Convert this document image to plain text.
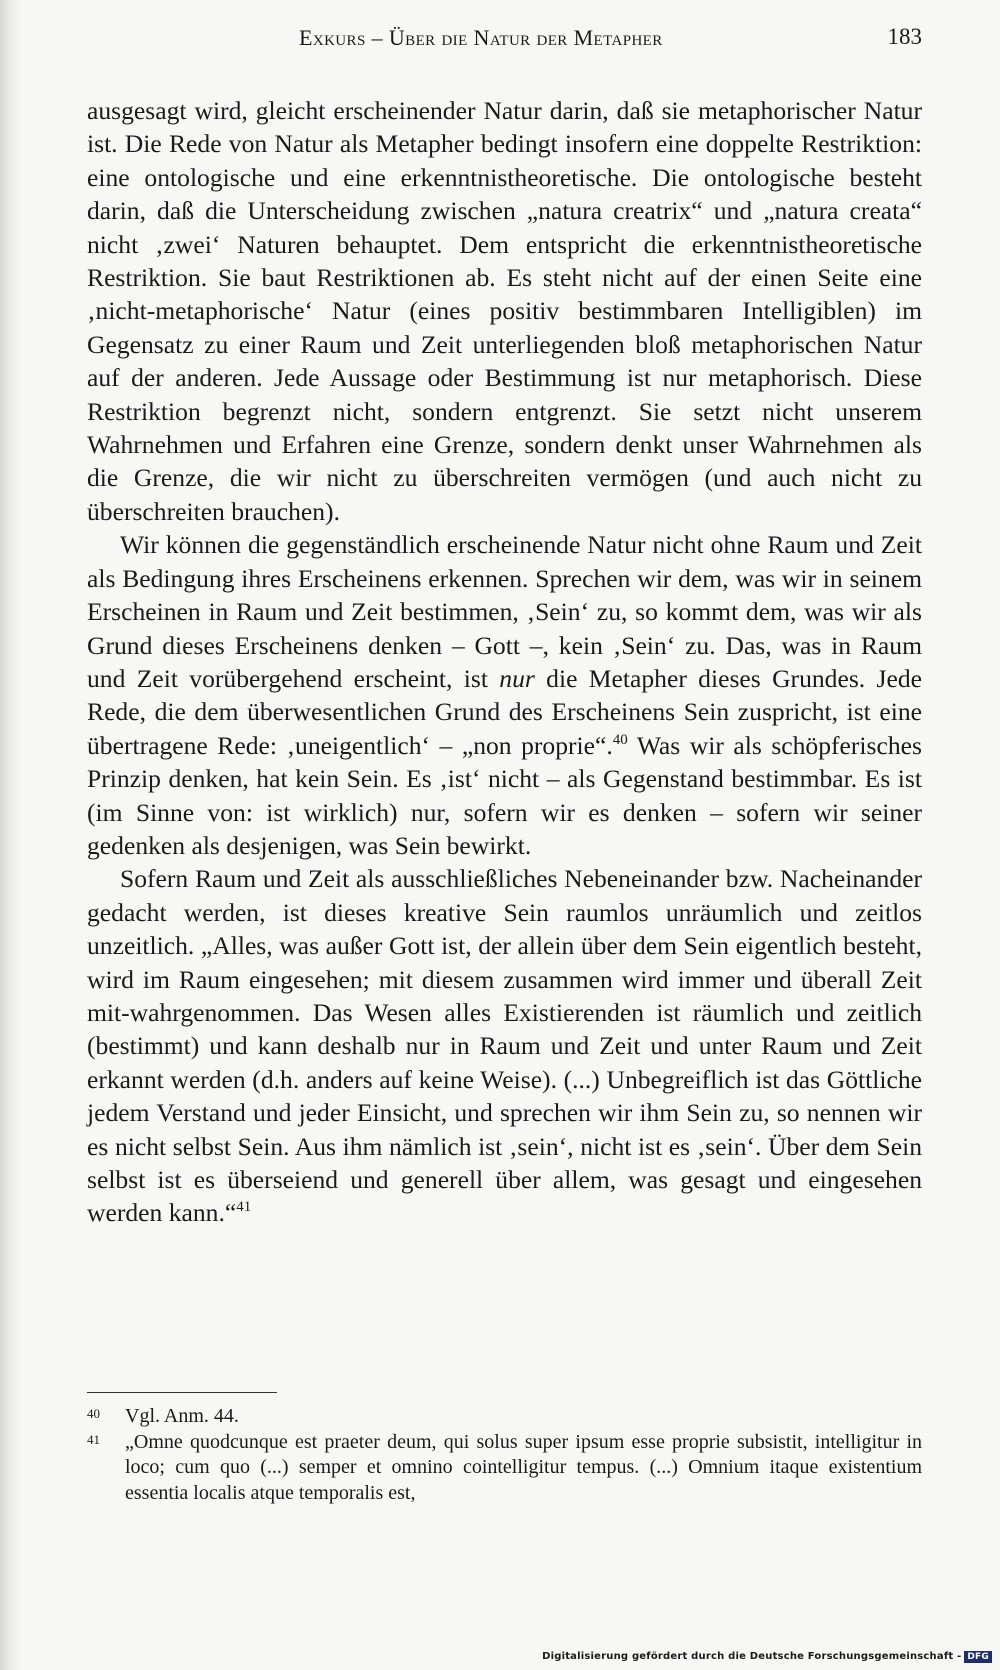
Exkurs – Über die Natur der Metapher	183

ausgesagt wird, gleicht erscheinender Natur darin, daß sie metaphorischer Natur ist. Die Rede von Natur als Metapher bedingt insofern eine doppelte Restriktion: eine ontologische und eine erkenntnistheoretische. Die ontologische besteht darin, daß die Unterscheidung zwischen „natura creatrix“ und „natura creata“ nicht ‚zwei‘ Naturen behauptet. Dem entspricht die erkenntnistheoretische Restriktion. Sie baut Restriktionen ab. Es steht nicht auf der einen Seite eine ‚nicht-metaphorische‘ Natur (eines positiv bestimmbaren Intelligiblen) im Gegensatz zu einer Raum und Zeit unterliegenden bloß metaphorischen Natur auf der anderen. Jede Aussage oder Bestimmung ist nur metaphorisch. Diese Restriktion begrenzt nicht, sondern entgrenzt. Sie setzt nicht unserem Wahrnehmen und Erfahren eine Grenze, sondern denkt unser Wahrnehmen als die Grenze, die wir nicht zu überschreiten vermögen (und auch nicht zu überschreiten brauchen).

Wir können die gegenständlich erscheinende Natur nicht ohne Raum und Zeit als Bedingung ihres Erscheinens erkennen. Sprechen wir dem, was wir in seinem Erscheinen in Raum und Zeit bestimmen, ‚Sein‘ zu, so kommt dem, was wir als Grund dieses Erscheinens denken – Gott –, kein ‚Sein‘ zu. Das, was in Raum und Zeit vorübergehend erscheint, ist nur die Metapher dieses Grundes. Jede Rede, die dem überwesentlichen Grund des Erscheinens Sein zuspricht, ist eine übertragene Rede: ‚uneigentlich‘ – „non proprie“.$^{40}$ Was wir als schöpferisches Prinzip denken, hat kein Sein. Es ‚ist‘ nicht – als Gegenstand bestimmbar. Es ist (im Sinne von: ist wirklich) nur, sofern wir es denken – sofern wir seiner gedenken als desjenigen, was Sein bewirkt.

Sofern Raum und Zeit als ausschließliches Nebeneinander bzw. Nacheinander gedacht werden, ist dieses kreative Sein raumlos unräumlich und zeitlos unzeitlich. „Alles, was außer Gott ist, der allein über dem Sein eigentlich besteht, wird im Raum eingesehen; mit diesem zusammen wird immer und überall Zeit mit-wahrgenommen. Das Wesen alles Existierenden ist räumlich und zeitlich (bestimmt) und kann deshalb nur in Raum und Zeit und unter Raum und Zeit erkannt werden (d.h. anders auf keine Weise). (...) Unbegreiflich ist das Göttliche jedem Verstand und jeder Einsicht, und sprechen wir ihm Sein zu, so nennen wir es nicht selbst Sein. Aus ihm nämlich ist ‚sein‘, nicht ist es ‚sein‘. Über dem Sein selbst ist es überseiend und generell über allem, was gesagt und eingesehen werden kann.“$^{41}$

40 Vgl. Anm. 44.
41 „Omne quodcunque est praeter deum, qui solus super ipsum esse proprie subsistit, intelligitur in loco; cum quo (...) semper et omnino cointelligitur tempus. (...) Omnium itaque existentium essentia localis atque temporalis est,
Digitalisierung gefördert durch die Deutsche Forschungsgemeinschaft - DFG
